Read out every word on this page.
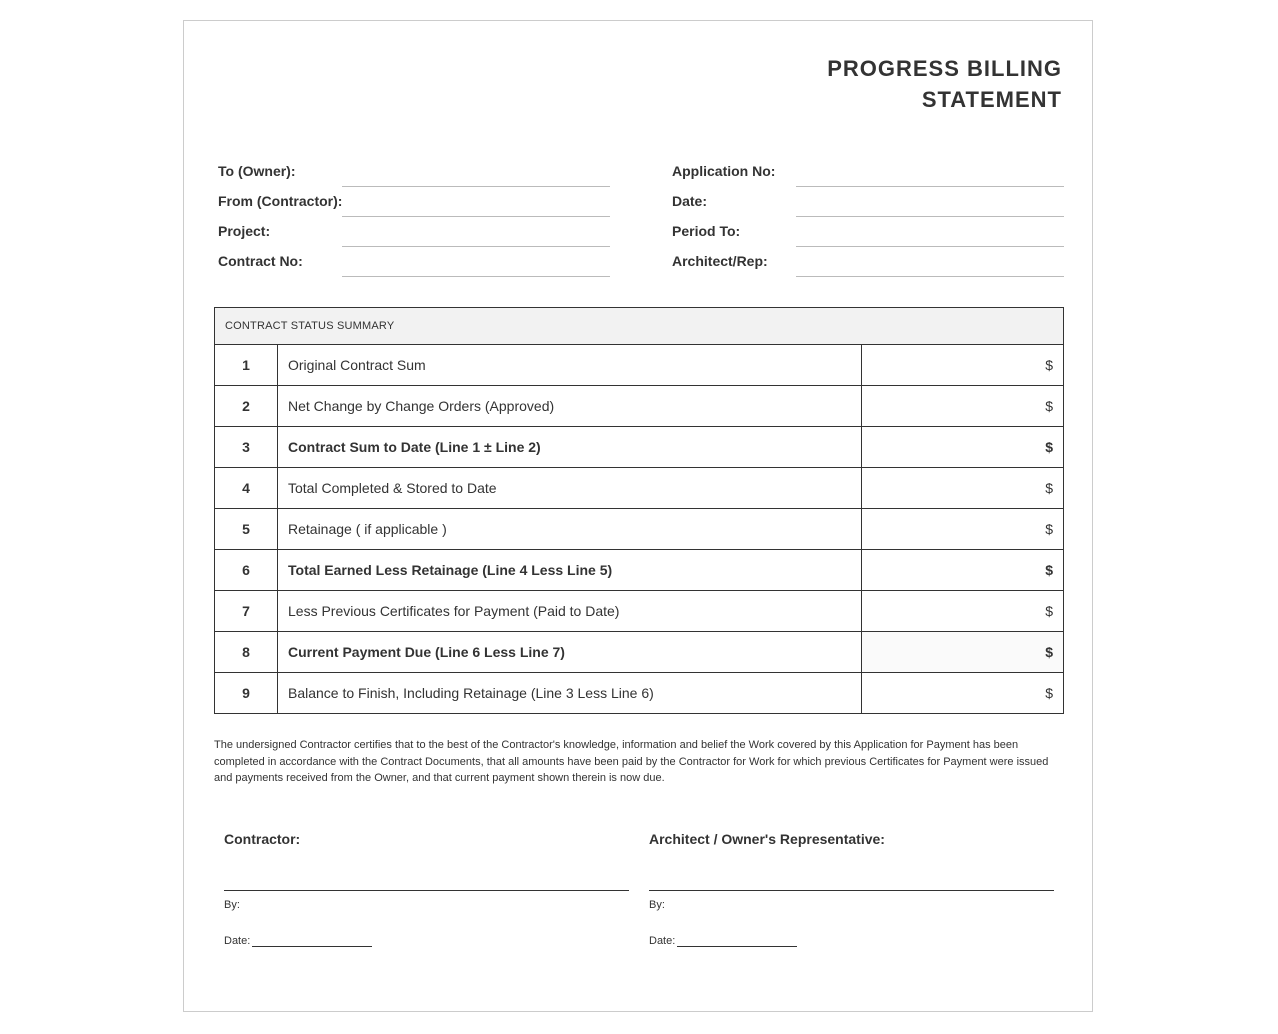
PROGRESS BILLING
STATEMENT
To (Owner):
From (Contractor):
Project:
Contract No:
Application No:
Date:
Period To:
Architect/Rep:
CONTRACT STATUS SUMMARY		
1	Original Contract Sum	$
2	Net Change by Change Orders (Approved)	$
3	Contract Sum to Date (Line 1 ± Line 2)	$
4	Total Completed & Stored to Date	$
5	Retainage ( if applicable )	$
6	Total Earned Less Retainage (Line 4 Less Line 5)	$
7	Less Previous Certificates for Payment (Paid to Date)	$
8	Current Payment Due (Line 6 Less Line 7)	$
9	Balance to Finish, Including Retainage (Line 3 Less Line 6)	$
The undersigned Contractor certifies that to the best of the Contractor's knowledge, information and belief the Work covered by this Application for Payment has been completed in accordance with the Contract Documents, that all amounts have been paid by the Contractor for Work for which previous Certificates for Payment were issued and payments received from the Owner, and that current payment shown therein is now due.
Contractor:
By:
Date:
Architect / Owner's Representative:
By:
Date:
